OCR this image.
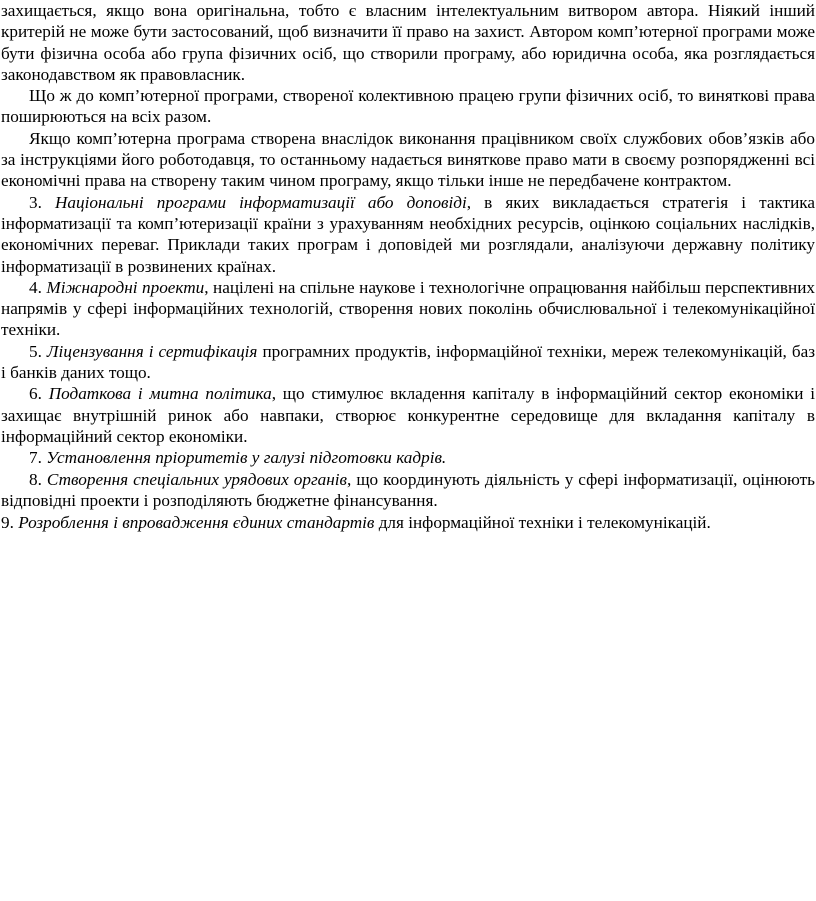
захищається, якщо вона оригінальна, тобто є власним інтелектуальним витвором автора. Ніякий інший критерій не може бути застосований, щоб визначити її право на захист. Автором комп’ютерної програми може бути фізична особа або група фізичних осіб, що створили програму, або юридична особа, яка розглядається законодавством як правовласник.

Що ж до комп’ютерної програми, створеної колективною працею групи фізичних осіб, то виняткові права поширюються на всіх разом.

Якщо комп’ютерна програма створена внаслідок виконання працівником своїх службових обов’язків або за інструкціями його роботодавця, то останньому надається виняткове право мати в своєму розпорядженні всі економічні права на створену таким чином програму, якщо тільки інше не передбачене контрактом.

3. Національні програми інформатизації або доповіді, в яких викладається стратегія і тактика інформатизації та комп’ютеризації країни з урахуванням необхідних ресурсів, оцінкою соціальних наслідків, економічних переваг. Приклади таких програм і доповідей ми розглядали, аналізуючи державну політику інформатизації в розвинених країнах.

4. Міжнародні проекти, націлені на спільне наукове і технологічне опрацювання найбільш перспективних напрямів у сфері інформаційних технологій, створення нових поколінь обчислювальної і телекомунікаційної техніки.

5. Ліцензування і сертифікація програмних продуктів, інформаційної техніки, мереж телекомунікацій, баз і банків даних тощо.

6. Податкова і митна політика, що стимулює вкладення капіталу в інформаційний сектор економіки і захищає внутрішній ринок або навпаки, створює конкурентне середовище для вкладання капіталу в інформаційний сектор економіки.

7. Установлення пріоритетів у галузі підготовки кадрів.

8. Створення спеціальних урядових органів, що координують діяльність у сфері інформатизації, оцінюють відповідні проекти і розподіляють бюджетне фінансування.

9. Розроблення і впровадження єдиних стандартів для інформаційної техніки і телекомунікацій.
